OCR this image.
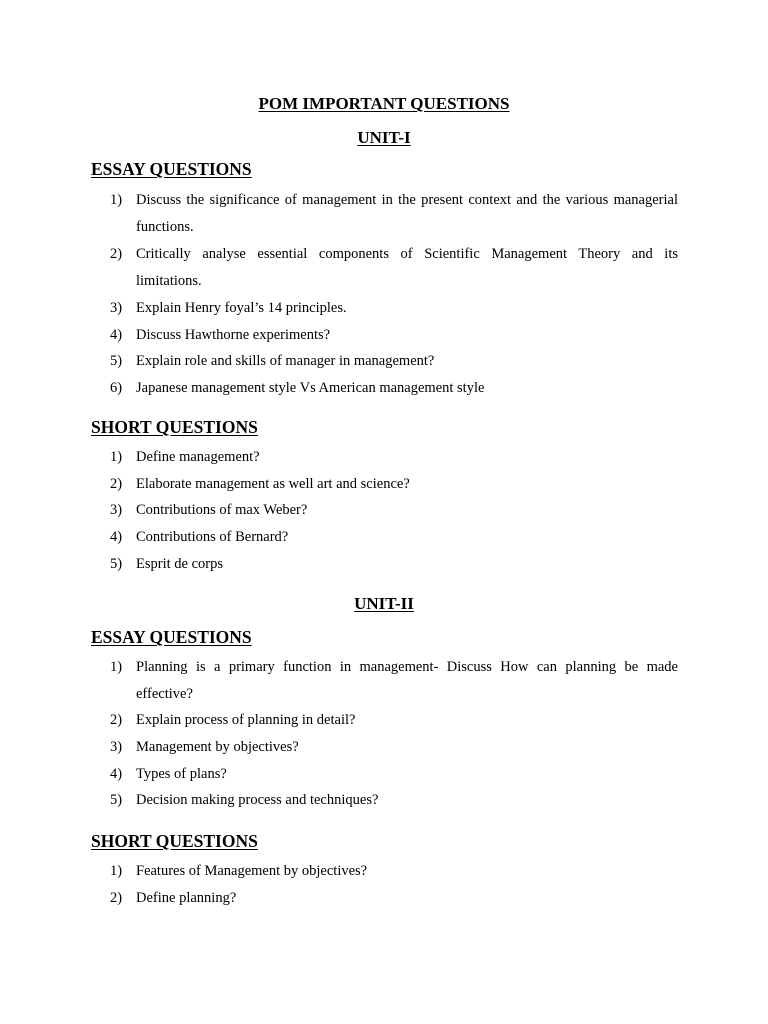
POM IMPORTANT QUESTIONS
UNIT-I
ESSAY QUESTIONS
1) Discuss the significance of management in the present context and the various managerial
functions.
2) Critically analyse essential components of Scientific Management Theory and its
limitations.
3) Explain Henry foyal’s 14 principles.
4) Discuss Hawthorne experiments?
5) Explain role and skills of manager in management?
6) Japanese management style Vs American management style
SHORT QUESTIONS
1) Define management?
2) Elaborate management as well art and science?
3) Contributions of max Weber?
4) Contributions of Bernard?
5) Esprit de corps
UNIT-II
ESSAY QUESTIONS
1) Planning is a primary function in management- Discuss How can planning be made
effective?
2) Explain process of planning in detail?
3) Management by objectives?
4) Types of plans?
5) Decision making process and techniques?
SHORT QUESTIONS
1) Features of Management by objectives?
2) Define planning?
